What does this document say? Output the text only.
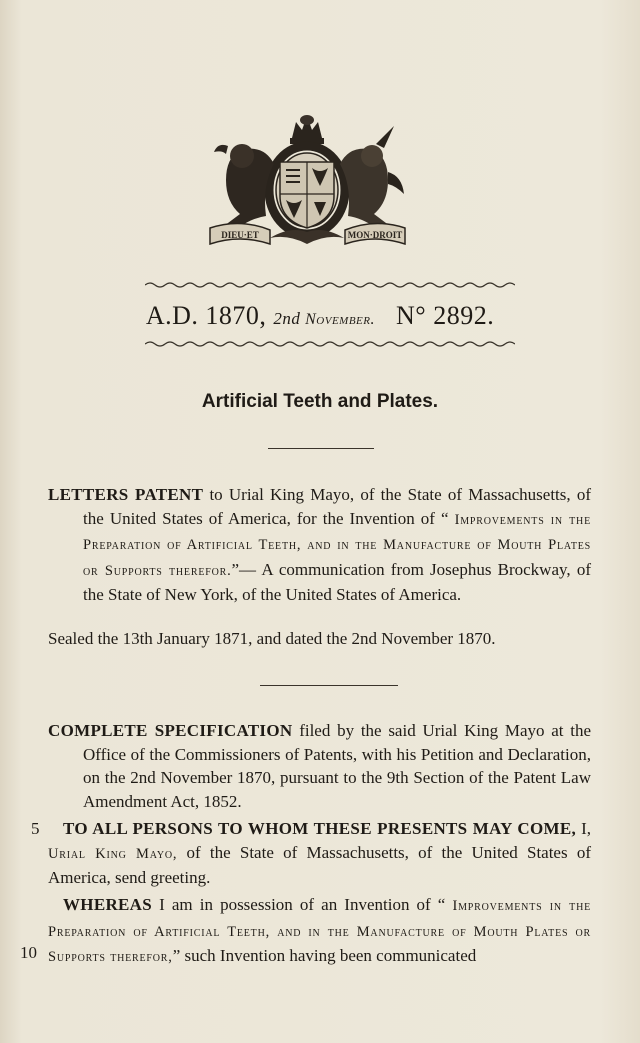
DIEU·ET	MON·DROIT
A.D. 1870, 2nd November. N° 2892.
Artificial Teeth and Plates.
LETTERS PATENT to Urial King Mayo, of the State of Massachusetts, of the United States of America, for the Invention of “ Improvements in the Preparation of Artificial Teeth, and in the Manufacture of Mouth Plates or Supports therefor.”— A communication from Josephus Brockway, of the State of New York, of the United States of America.
Sealed the 13th January 1871, and dated the 2nd November 1870.
COMPLETE SPECIFICATION filed by the said Urial King Mayo at the Office of the Commissioners of Patents, with his Petition and Declaration, on the 2nd November 1870, pursuant to the 9th Section of the Patent Law Amendment Act, 1852.
5	TO ALL PERSONS TO WHOM THESE PRESENTS MAY COME, I, Urial King Mayo, of the State of Massachusetts, of the United States of America, send greeting.
10
WHEREAS I am in possession of an Invention of “ Improvements in the Preparation of Artificial Teeth, and in the Manufacture of Mouth Plates or Supports therefor,” such Invention having been communicated
